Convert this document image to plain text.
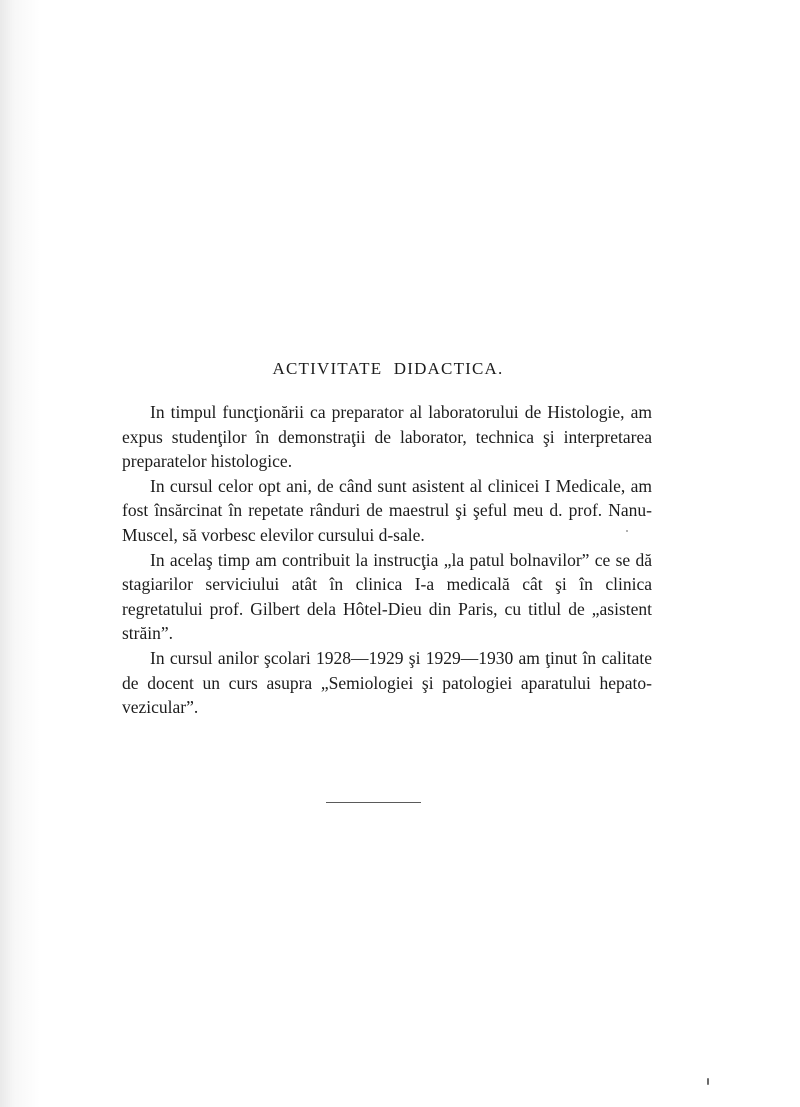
ACTIVITATE DIDACTICA.

In timpul funcţionării ca preparator al laboratorului de Histologie, am expus studenţilor în demonstraţii de laborator, technica şi interpretarea preparatelor histologice.

In cursul celor opt ani, de când sunt asistent al clinicei I Medicale, am fost însărcinat în repetate rânduri de maestrul şi şeful meu d. prof. Nanu-Muscel, să vorbesc elevilor cursului d-sale.

In acelaş timp am contribuit la instrucţia „la patul bolnavilor” ce se dă stagiarilor serviciului atât în clinica I-a medicală cât şi în clinica regretatului prof. Gilbert dela Hôtel-Dieu din Paris, cu titlul de „asistent străin”.

In cursul anilor şcolari 1928—1929 şi 1929—1930 am ţinut în calitate de docent un curs asupra „Semiologiei şi patologiei aparatului hepato-vezicular”.
